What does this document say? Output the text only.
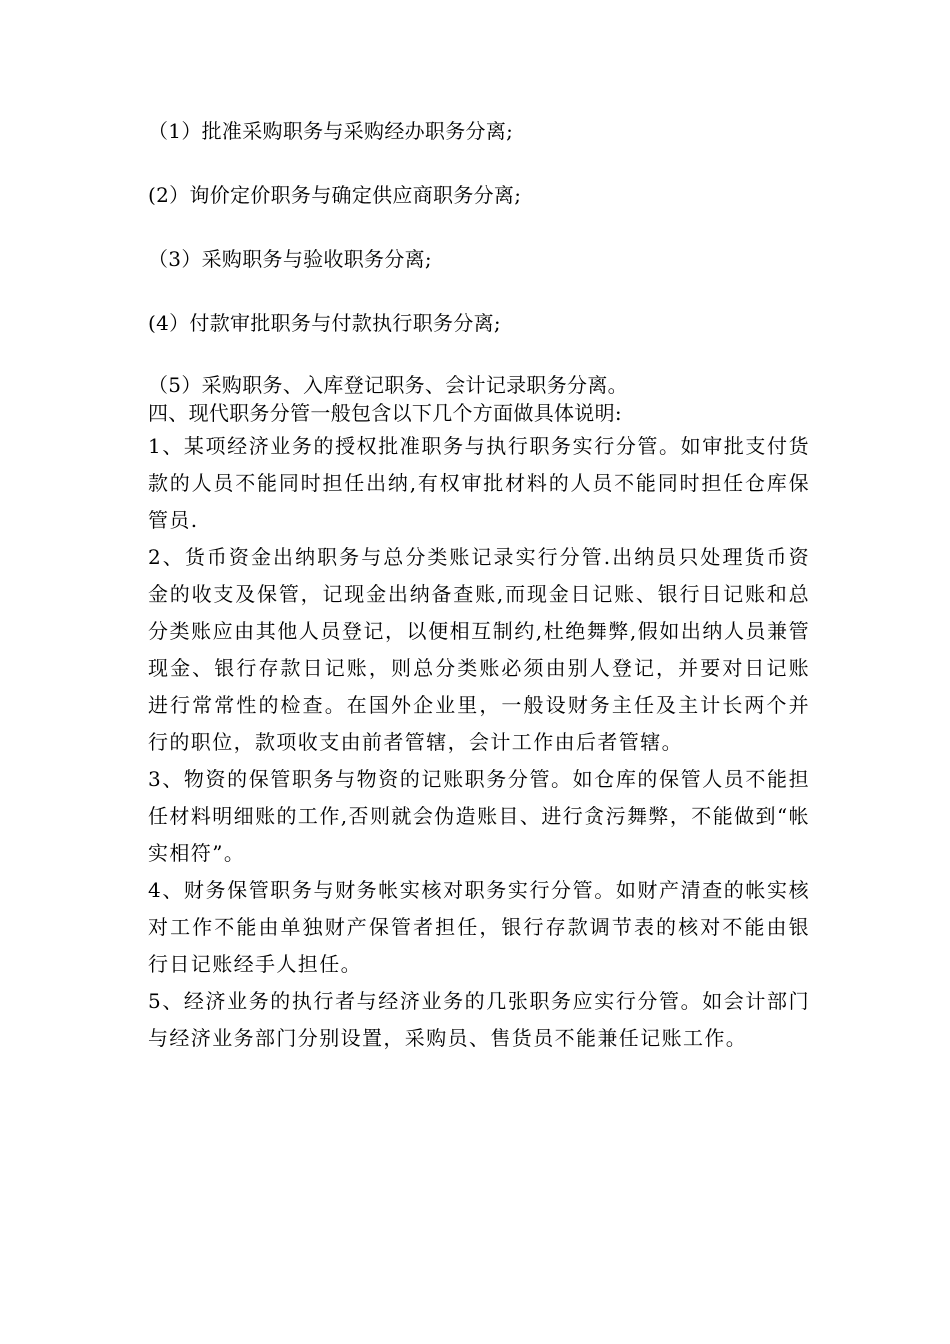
（1）批准采购职务与采购经办职务分离;
(2）询价定价职务与确定供应商职务分离;
（3）采购职务与验收职务分离;
(4）付款审批职务与付款执行职务分离;
（5）采购职务、入库登记职务、会计记录职务分离。
四、现代职务分管一般包含以下几个方面做具体说明:

1、某项经济业务的授权批准职务与执行职务实行分管。如审批支付货款的人员不能同时担任出纳,有权审批材料的人员不能同时担任仓库保管员.

2、货币资金出纳职务与总分类账记录实行分管.出纳员只处理货币资金的收支及保管，记现金出纳备查账,而现金日记账、银行日记账和总分类账应由其他人员登记，以便相互制约,杜绝舞弊,假如出纳人员兼管现金、银行存款日记账，则总分类账必须由别人登记，并要对日记账进行常常性的检查。在国外企业里，一般设财务主任及主计长两个并行的职位，款项收支由前者管辖，会计工作由后者管辖。

3、物资的保管职务与物资的记账职务分管。如仓库的保管人员不能担任材料明细账的工作,否则就会伪造账目、进行贪污舞弊，不能做到“帐实相符”。

4、财务保管职务与财务帐实核对职务实行分管。如财产清查的帐实核对工作不能由单独财产保管者担任，银行存款调节表的核对不能由银行日记账经手人担任。

5、经济业务的执行者与经济业务的几张职务应实行分管。如会计部门与经济业务部门分别设置，采购员、售货员不能兼任记账工作。
